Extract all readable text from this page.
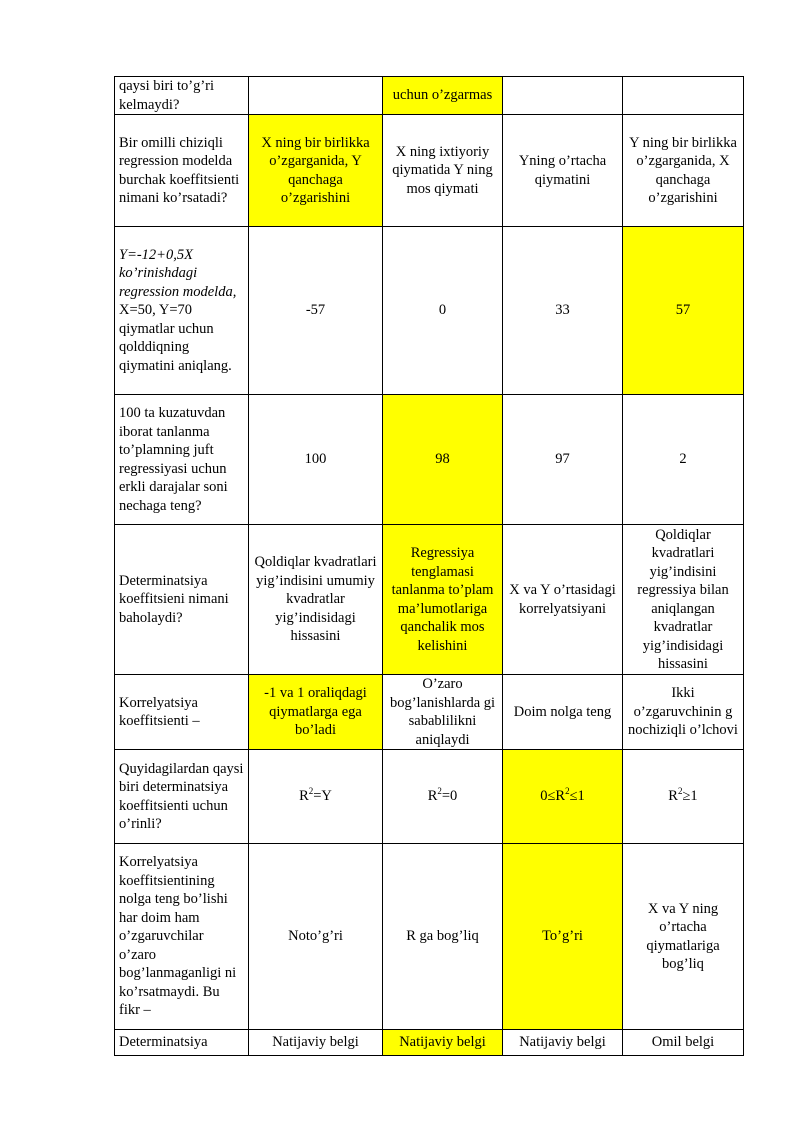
qaysi biri to’g’ri kelmaydi?		uchun o’zgarmas		
Bir omilli chiziqli regression modelda burchak koeffitsienti nimani ko’rsatadi?	X ning bir birlikka o’zgarganida, Y qanchaga o’zgarishini	X ning ixtiyoriy qiymatida Y ning mos qiymati	Yning o’rtacha qiymatini	Y ning bir birlikka o’zgarganida, X qanchaga o’zgarishini
Y=-12+0,5X ko’rinishdagi regression modelda, X=50, Y=70 qiymatlar uchun qolddiqning qiymatini aniqlang.	-57	0	33	57
100 ta kuzatuvdan iborat tanlanma to’plamning juft regressiyasi uchun erkli darajalar soni nechaga teng?	100	98	97	2
Determinatsiya koeffitsieni nimani baholaydi?	Qoldiqlar kvadratlari yig’indisini umumiy kvadratlar yig’indisidagi hissasini	Regressiya tenglamasi tanlanma to’plam ma’lumotlariga qanchalik mos kelishini	X va Y o’rtasidagi korrelyatsiyani	Qoldiqlar kvadratlari yig’indisini regressiya bilan aniqlangan kvadratlar yig’indisidagi hissasini
Korrelyatsiya koeffitsienti –	-1 va 1 oraliqdagi qiymatlarga ega bo’ladi	O’zaro bog’lanishlarda gi sabablilikni aniqlaydi	Doim nolga teng	Ikki o’zgaruvchinin g nochiziqli o’lchovi
Quyidagilardan qaysi biri determinatsiya koeffitsienti uchun o’rinli?	$R^2=Y$	$R^2=0$	$0\le R^2\le 1$	$R^2\ge 1$
Korrelyatsiya koeffitsientining nolga teng bo’lishi har doim ham o’zgaruvchilar o’zaro bog’lanmaganligi ni ko’rsatmaydi. Bu fikr –	Noto’g’ri	R ga bog’liq	To’g’ri	X va Y ning o’rtacha qiymatlariga bog’liq
Determinatsiya	Natijaviy belgi	Natijaviy belgi	Natijaviy belgi	Omil belgi
